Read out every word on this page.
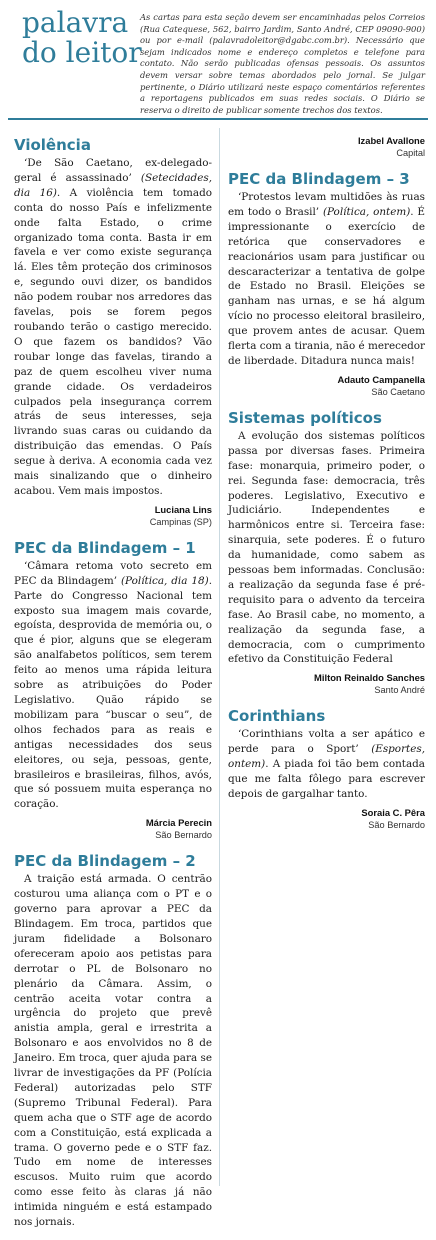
palavra
do leitor
As cartas para esta seção devem ser encaminhadas pelos Correios (Rua Catequese, 562, bairro Jardim, Santo André, CEP 09090-900) ou por e-mail (palavradoleitor@dgabc.com.br). Necessário que sejam indicados nome e endereço completos e telefone para contato. Não serão publicadas ofensas pessoais. Os assuntos devem versar sobre temas abordados pelo jornal. Se julgar pertinente, o Diário utilizará neste espaço comentários referentes a reportagens publicados em suas redes sociais. O Diário se reserva o direito de publicar somente trechos dos textos.
Violência

‘De São Caetano, ex-delegado-geral é assassinado’ (Setecidades, dia 16). A violência tem tomado conta do nosso País e infelizmente onde falta Estado, o crime organizado toma conta. Basta ir em favela e ver como existe segurança lá. Eles têm proteção dos criminosos e, segundo ouvi dizer, os bandidos não podem roubar nos arredores das favelas, pois se forem pegos roubando terão o castigo merecido. O que fazem os bandidos? Vão roubar longe das favelas, tirando a paz de quem escolheu viver numa grande cidade. Os verdadeiros culpados pela insegurança correm atrás de seus interesses, seja livrando suas caras ou cuidando da distribuição das emendas. O País segue à deriva. A economia cada vez mais sinalizando que o dinheiro acabou. Vem mais impostos.

Luciana Lins
Campinas (SP)
PEC da Blindagem – 1

‘Câmara retoma voto secreto em PEC da Blindagem’ (Política, dia 18). Parte do Congresso Nacional tem exposto sua imagem mais covarde, egoísta, desprovida de memória ou, o que é pior, alguns que se elegeram são analfabetos políticos, sem terem feito ao menos uma rápida leitura sobre as atribuições do Poder Legislativo. Quão rápido se mobilizam para “buscar o seu”, de olhos fechados para as reais e antigas necessidades dos seus eleitores, ou seja, pessoas, gente, brasileiros e brasileiras, filhos, avós, que só possuem muita esperança no coração.

Márcia Perecin
São Bernardo
PEC da Blindagem – 2

A traição está armada. O centrão costurou uma aliança com o PT e o governo para aprovar a PEC da Blindagem. Em troca, partidos que juram fidelidade a Bolsonaro ofereceram apoio aos petistas para derrotar o PL de Bolsonaro no plenário da Câmara. Assim, o centrão aceita votar contra a urgência do projeto que prevê anistia ampla, geral e irrestrita a Bolsonaro e aos envolvidos no 8 de Janeiro. Em troca, quer ajuda para se livrar de investigações da PF (Polícia Federal) autorizadas pelo STF (Supremo Tribunal Federal). Para quem acha que o STF age de acordo com a Constituição, está explicada a trama. O governo pede e o STF faz. Tudo em nome de interesses escusos. Muito ruim que acordo como esse feito às claras já não intimida ninguém e está estampado nos jornais.

Izabel Avallone
Capital
PEC da Blindagem – 3

‘Protestos levam multidões às ruas em todo o Brasil’ (Política, ontem). É impressionante o exercício de retórica que conservadores e reacionários usam para justificar ou descaracterizar a tentativa de golpe de Estado no Brasil. Eleições se ganham nas urnas, e se há algum vício no processo eleitoral brasileiro, que provem antes de acusar. Quem flerta com a tirania, não é merecedor de liberdade. Ditadura nunca mais!

Adauto Campanella
São Caetano
Sistemas políticos

A evolução dos sistemas políticos passa por diversas fases. Primeira fase: monarquia, primeiro poder, o rei. Segunda fase: democracia, três poderes. Legislativo, Executivo e Judiciário. Independentes e harmônicos entre si. Terceira fase: sinarquia, sete poderes. É o futuro da humanidade, como sabem as pessoas bem informadas. Conclusão: a realização da segunda fase é pré-requisito para o advento da terceira fase. Ao Brasil cabe, no momento, a realização da segunda fase, a democracia, com o cumprimento efetivo da Constituição Federal

Milton Reinaldo Sanches
Santo André
Corinthians

‘Corinthians volta a ser apático e perde para o Sport’ (Esportes, ontem). A piada foi tão bem contada que me falta fôlego para escrever depois de gargalhar tanto.

Soraia C. Pêra
São Bernardo
